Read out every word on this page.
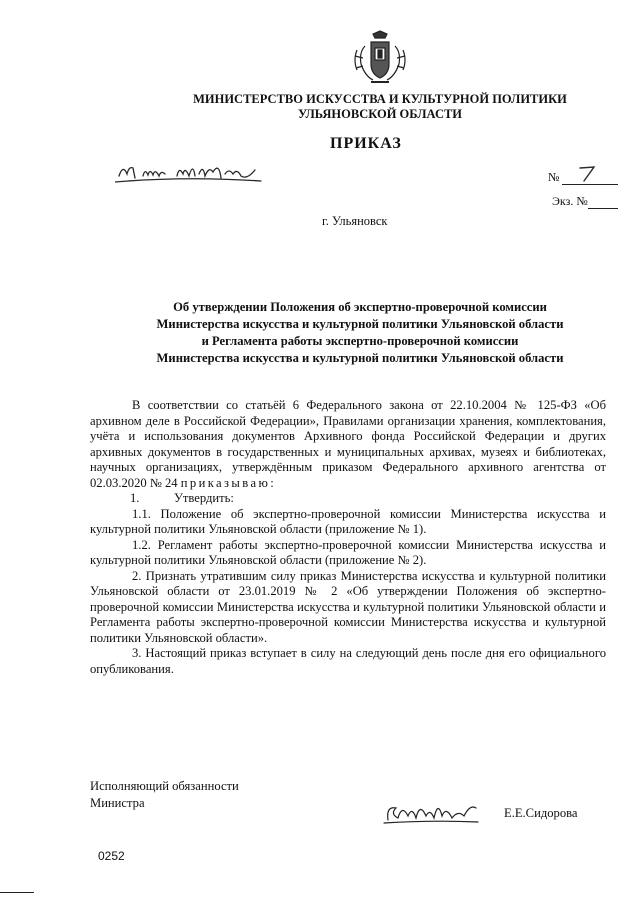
МИНИСТЕРСТВО ИСКУССТВА И КУЛЬТУРНОЙ ПОЛИТИКИ
УЛЬЯНОВСКОЙ ОБЛАСТИ
ПРИКАЗ
№
Экз. №
г. Ульяновск
Об утверждении Положения об экспертно-проверочной комиссии
Министерства искусства и культурной политики Ульяновской области
и Регламента работы экспертно-проверочной комиссии
Министерства искусства и культурной политики Ульяновской области

В соответствии со статьёй 6 Федерального закона от 22.10.2004 № 125-ФЗ «Об архивном деле в Российской Федерации», Правилами организации хранения, комплектования, учёта и использования документов Архивного фонда Российской Федерации и других архивных документов в государственных и муниципальных архивах, музеях и библиотеках, научных организациях, утверждённым приказом Федерального архивного агентства от 02.03.2020 № 24 приказываю:

1.	Утвердить:

1.1. Положение об экспертно-проверочной комиссии Министерства искусства и культурной политики Ульяновской области (приложение № 1).

1.2. Регламент работы экспертно-проверочной комиссии Министерства искусства и культурной политики Ульяновской области (приложение № 2).

2. Признать утратившим силу приказ Министерства искусства и культурной политики Ульяновской области от 23.01.2019 № 2 «Об утверждении Положения об экспертно-проверочной комиссии Министерства искусства и культурной политики Ульяновской области и Регламента работы экспертно-проверочной комиссии Министерства искусства и культурной политики Ульяновской области».

3. Настоящий приказ вступает в силу на следующий день после дня его официального опубликования.

Исполняющий обязанности
Министра
Е.Е.Сидорова
0252
